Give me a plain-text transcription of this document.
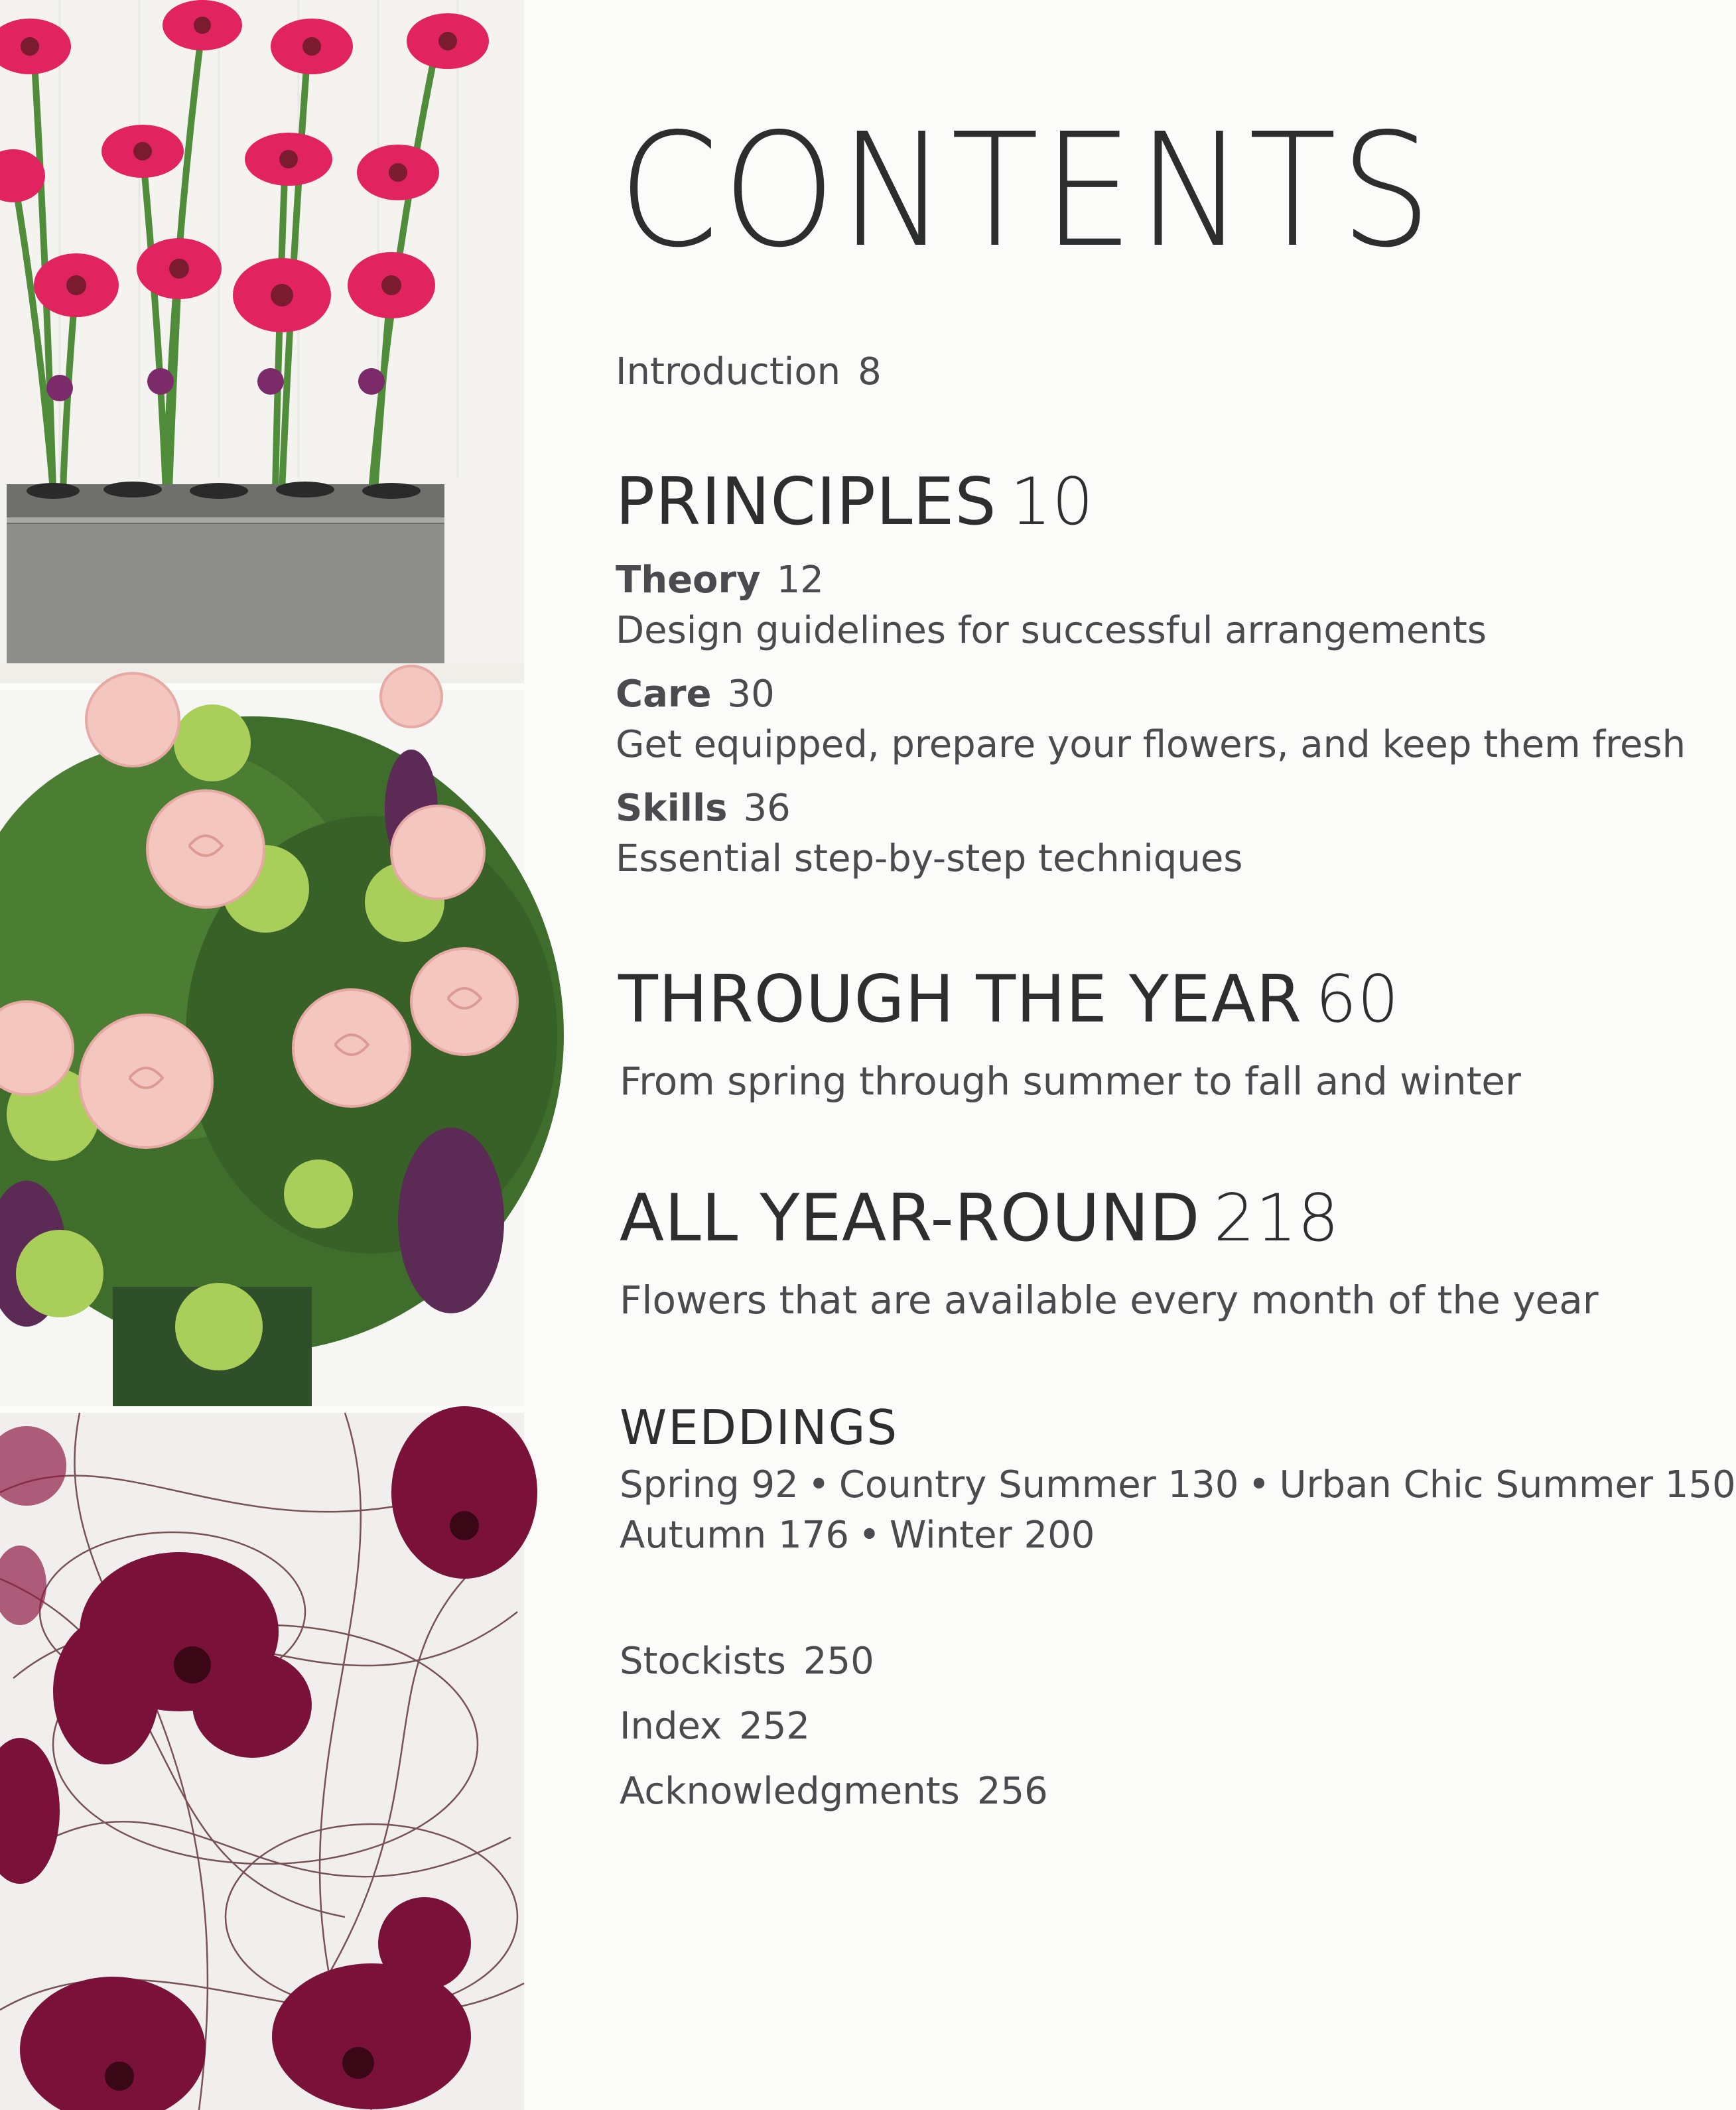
CONTENTS
Introduction 8
PRINCIPLES 10
Theory 12
Design guidelines for successful arrangements
Care 30
Get equipped, prepare your flowers, and keep them fresh
Skills 36
Essential step-by-step techniques
THROUGH THE YEAR 60
From spring through summer to fall and winter
ALL YEAR-ROUND 218
Flowers that are available every month of the year
WEDDINGS
Spring 92 • Country Summer 130 • Urban Chic Summer 150
Autumn 176 • Winter 200
Stockists 250
Index 252
Acknowledgments 256
